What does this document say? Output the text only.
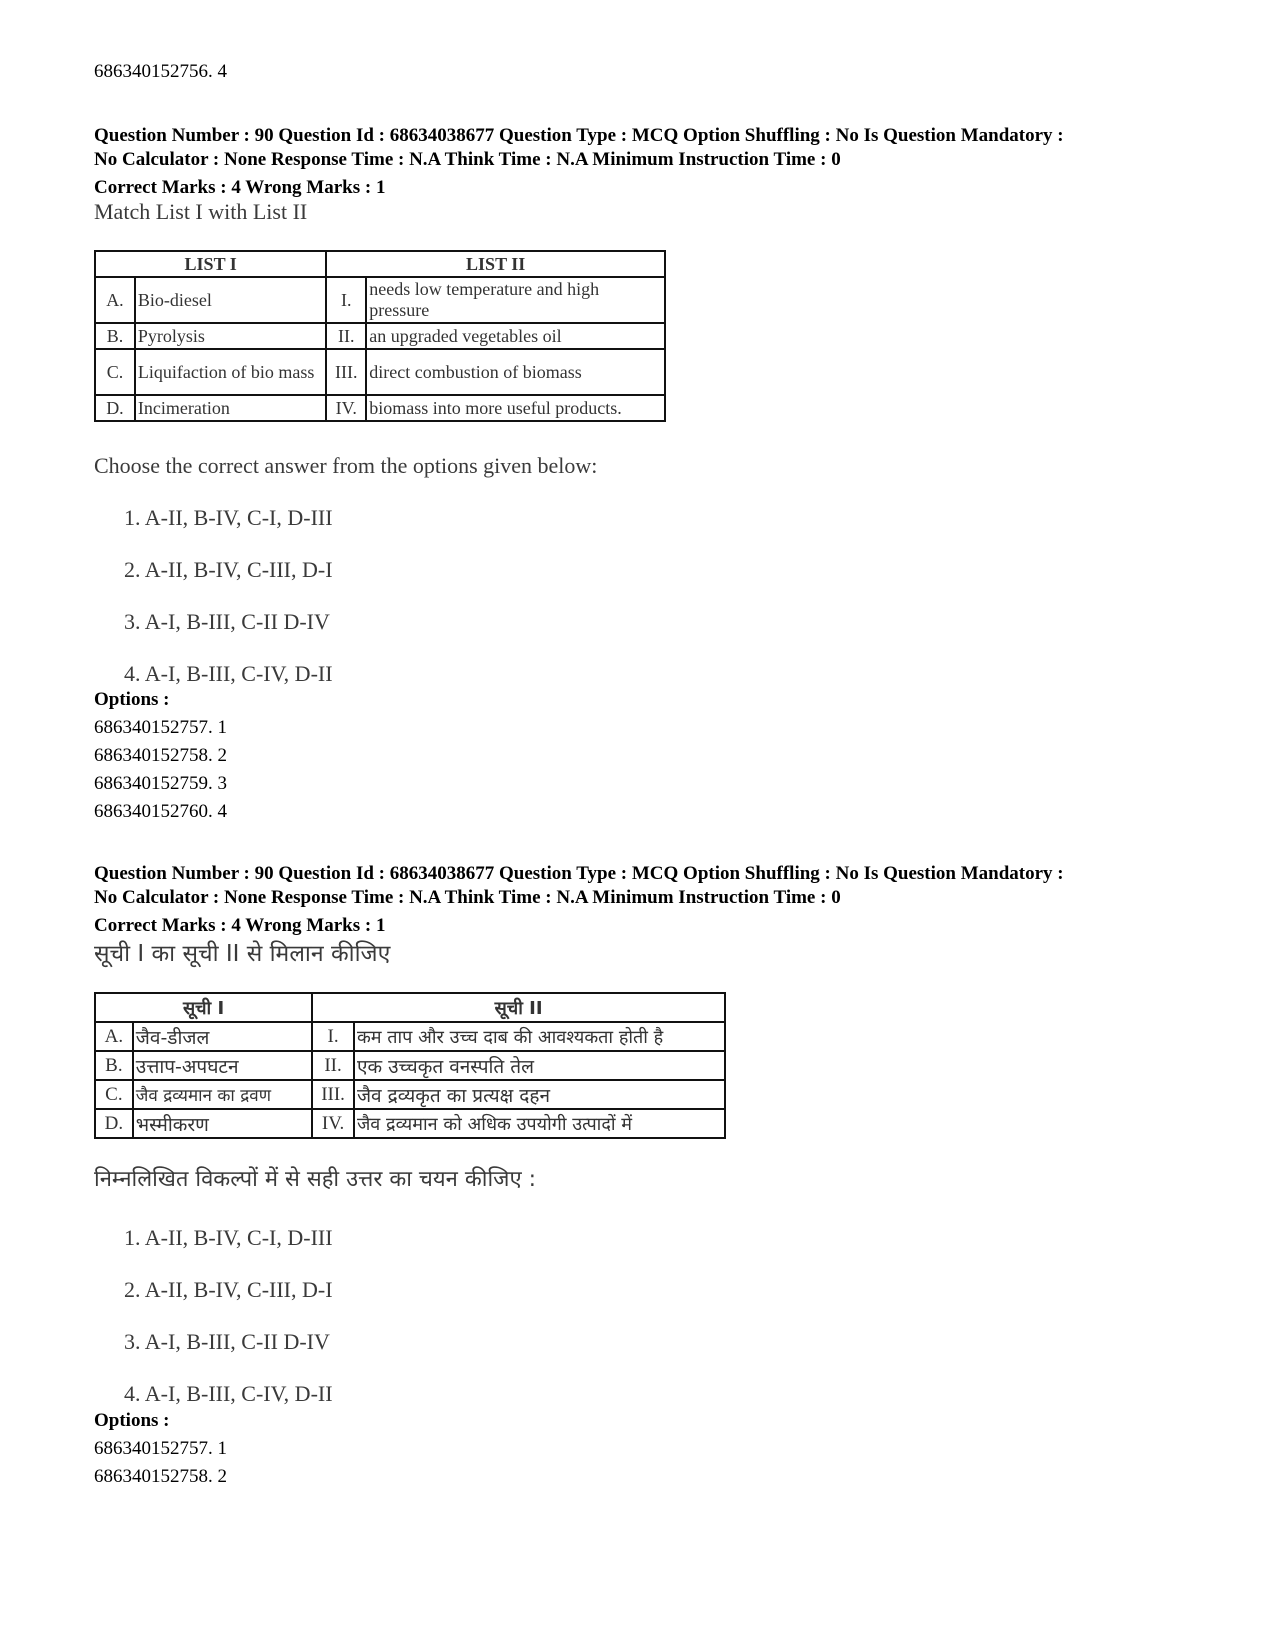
686340152756. 4
Question Number : 90 Question Id : 68634038677 Question Type : MCQ Option Shuffling : No Is Question Mandatory :
No Calculator : None Response Time : N.A Think Time : N.A Minimum Instruction Time : 0
Correct Marks : 4 Wrong Marks : 1
Match List I with List II
LIST I		LIST II	
A.	Bio-diesel	I.	needs low temperature and high pressure
B.	Pyrolysis	II.	an upgraded vegetables oil
C.	Liquifaction of bio mass	III.	direct combustion of biomass
D.	Incimeration	IV.	biomass into more useful products.
Choose the correct answer from the options given below:
1. A-II, B-IV, C-I, D-III
2. A-II, B-IV, C-III, D-I
3. A-I, B-III, C-II D-IV
4. A-I, B-III, C-IV, D-II
Options :
686340152757. 1
686340152758. 2
686340152759. 3
686340152760. 4
Question Number : 90 Question Id : 68634038677 Question Type : MCQ Option Shuffling : No Is Question Mandatory :
No Calculator : None Response Time : N.A Think Time : N.A Minimum Instruction Time : 0
Correct Marks : 4 Wrong Marks : 1
सूची I का सूची II से मिलान कीजिए
सूची I		सूची II	
A.	जैव-डीजल	I.	कम ताप और उच्च दाब की आवश्यकता होती है
B.	उत्ताप-अपघटन	II.	एक उच्चकृत वनस्पति तेल
C.	जैव द्रव्यमान का द्रवण	III.	जैव द्रव्यकृत का प्रत्यक्ष दहन
D.	भस्मीकरण	IV.	जैव द्रव्यमान को अधिक उपयोगी उत्पादों में
निम्नलिखित विकल्पों में से सही उत्तर का चयन कीजिए :
1. A-II, B-IV, C-I, D-III
2. A-II, B-IV, C-III, D-I
3. A-I, B-III, C-II D-IV
4. A-I, B-III, C-IV, D-II
Options :
686340152757. 1
686340152758. 2
